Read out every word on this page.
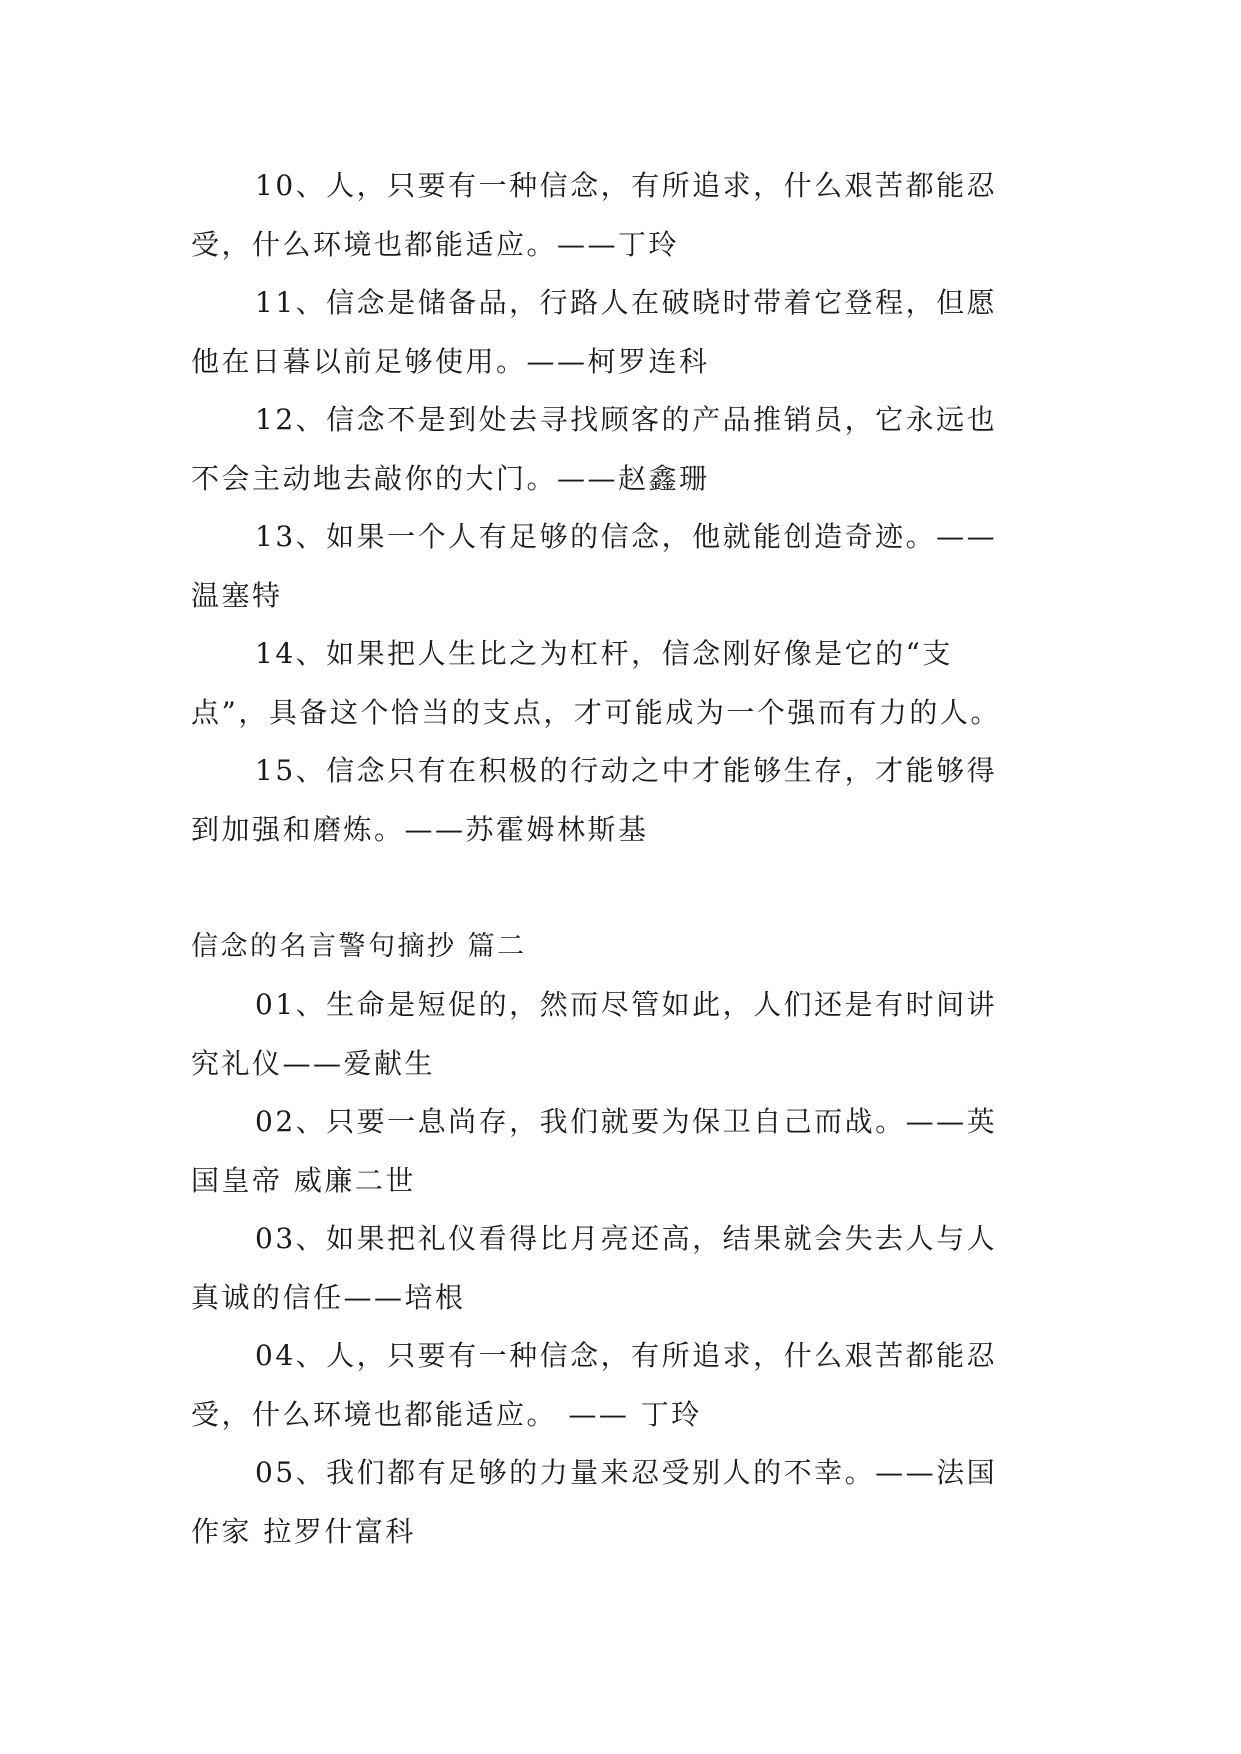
10、人，只要有一种信念，有所追求，什么艰苦都能忍
受，什么环境也都能适应。——丁玲
11、信念是储备品，行路人在破晓时带着它登程，但愿
他在日暮以前足够使用。——柯罗连科
12、信念不是到处去寻找顾客的产品推销员，它永远也
不会主动地去敲你的大门。——赵鑫珊
13、如果一个人有足够的信念，他就能创造奇迹。——
温塞特
14、如果把人生比之为杠杆，信念刚好像是它的“支
点”，具备这个恰当的支点，才可能成为一个强而有力的人。
15、信念只有在积极的行动之中才能够生存，才能够得
到加强和磨炼。——苏霍姆林斯基
信念的名言警句摘抄 篇二
01、生命是短促的，然而尽管如此，人们还是有时间讲
究礼仪——爱献生
02、只要一息尚存，我们就要为保卫自己而战。——英
国皇帝 威廉二世
03、如果把礼仪看得比月亮还高，结果就会失去人与人
真诚的信任——培根
04、人，只要有一种信念，有所追求，什么艰苦都能忍
受，什么环境也都能适应。 —— 丁玲
05、我们都有足够的力量来忍受别人的不幸。——法国
作家 拉罗什富科
